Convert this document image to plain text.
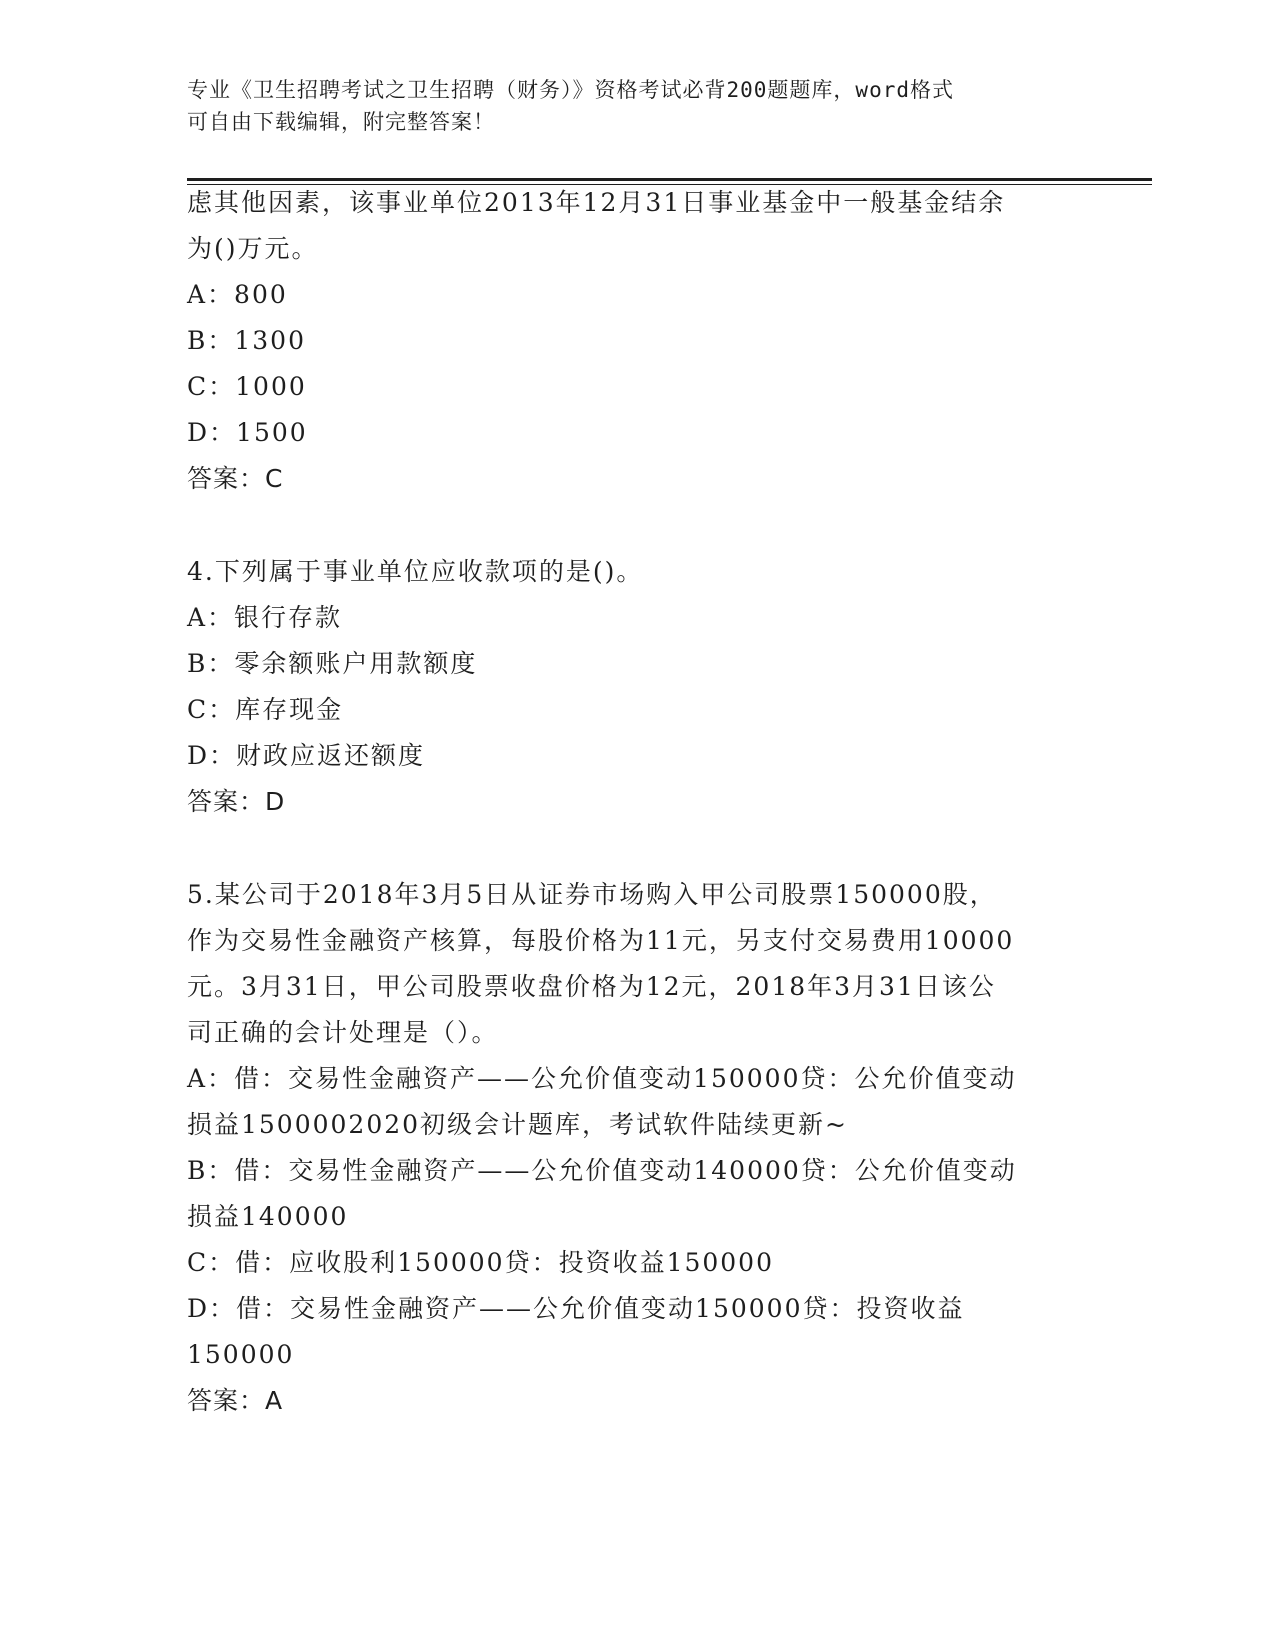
专业《卫生招聘考试之卫生招聘（财务）》资格考试必背200题题库，word格式
可自由下载编辑，附完整答案！
虑其他因素，该事业单位2013年12月31日事业基金中一般基金结余
为()万元。
A：800
B：1300
C：1000
D：1500
答案：C
4.下列属于事业单位应收款项的是()。
A：银行存款
B：零余额账户用款额度
C：库存现金
D：财政应返还额度
答案：D
5.某公司于2018年3月5日从证券市场购入甲公司股票150000股，
作为交易性金融资产核算，每股价格为11元，另支付交易费用10000
元。3月31日，甲公司股票收盘价格为12元，2018年3月31日该公
司正确的会计处理是（）。
A：借：交易性金融资产——公允价值变动150000贷：公允价值变动
损益1500002020初级会计题库，考试软件陆续更新~
B：借：交易性金融资产——公允价值变动140000贷：公允价值变动
损益140000
C：借：应收股利150000贷：投资收益150000
D：借：交易性金融资产——公允价值变动150000贷：投资收益
150000
答案：A
